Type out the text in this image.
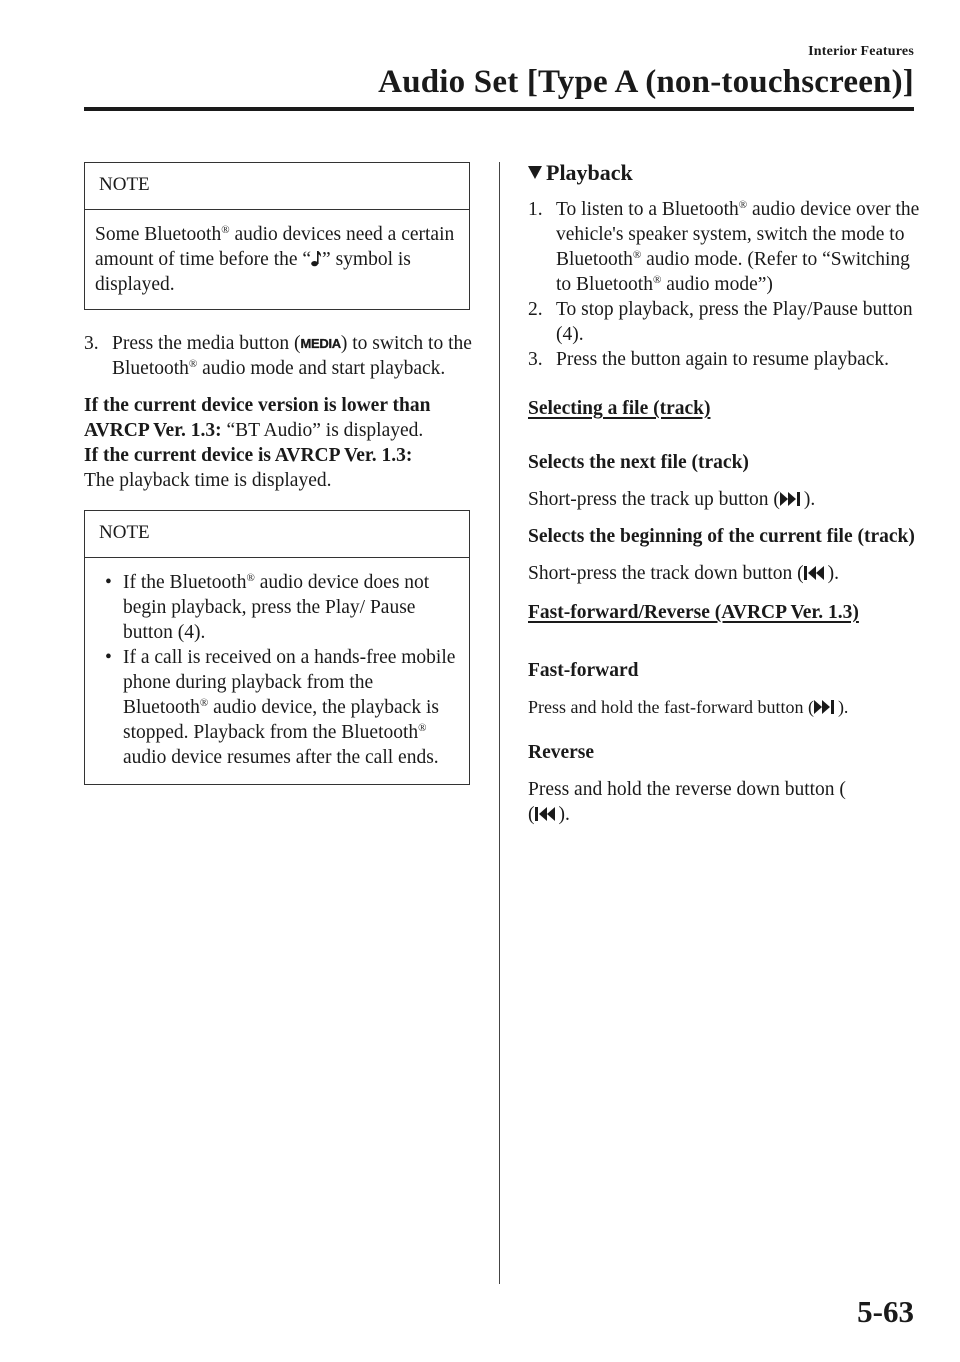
Interior Features
Audio Set [Type A (non-touchscreen)]
NOTE

Some Bluetooth® audio devices need a certain amount of time before the “ ” symbol is displayed.

3. Press the media button (MEDIA) to switch to the Bluetooth® audio mode and start playback.

If the current device version is lower than AVRCP Ver. 1.3: “BT Audio” is displayed.

If the current device is AVRCP Ver. 1.3:
The playback time is displayed.

NOTE
• If the Bluetooth® audio device does not begin playback, press the Play/ Pause button (4).
• If a call is received on a hands-free mobile phone during playback from the Bluetooth® audio device, the playback is stopped. Playback from the Bluetooth® audio device resumes after the call ends.
Playback
1. To listen to a Bluetooth® audio device over the vehicle's speaker system, switch the mode to Bluetooth® audio mode. (Refer to “Switching to Bluetooth® audio mode”)
2. To stop playback, press the Play/Pause button (4).
3. Press the button again to resume playback.

Selecting a file (track)

Selects the next file (track)

Short-press the track up button ( ).

Selects the beginning of the current file (track)

Short-press the track down button ( ).

Fast-forward/Reverse (AVRCP Ver. 1.3)

Fast-forward

Press and hold the fast-forward button ( ).

Reverse

Press and hold the reverse down button (
( ).

5-63
